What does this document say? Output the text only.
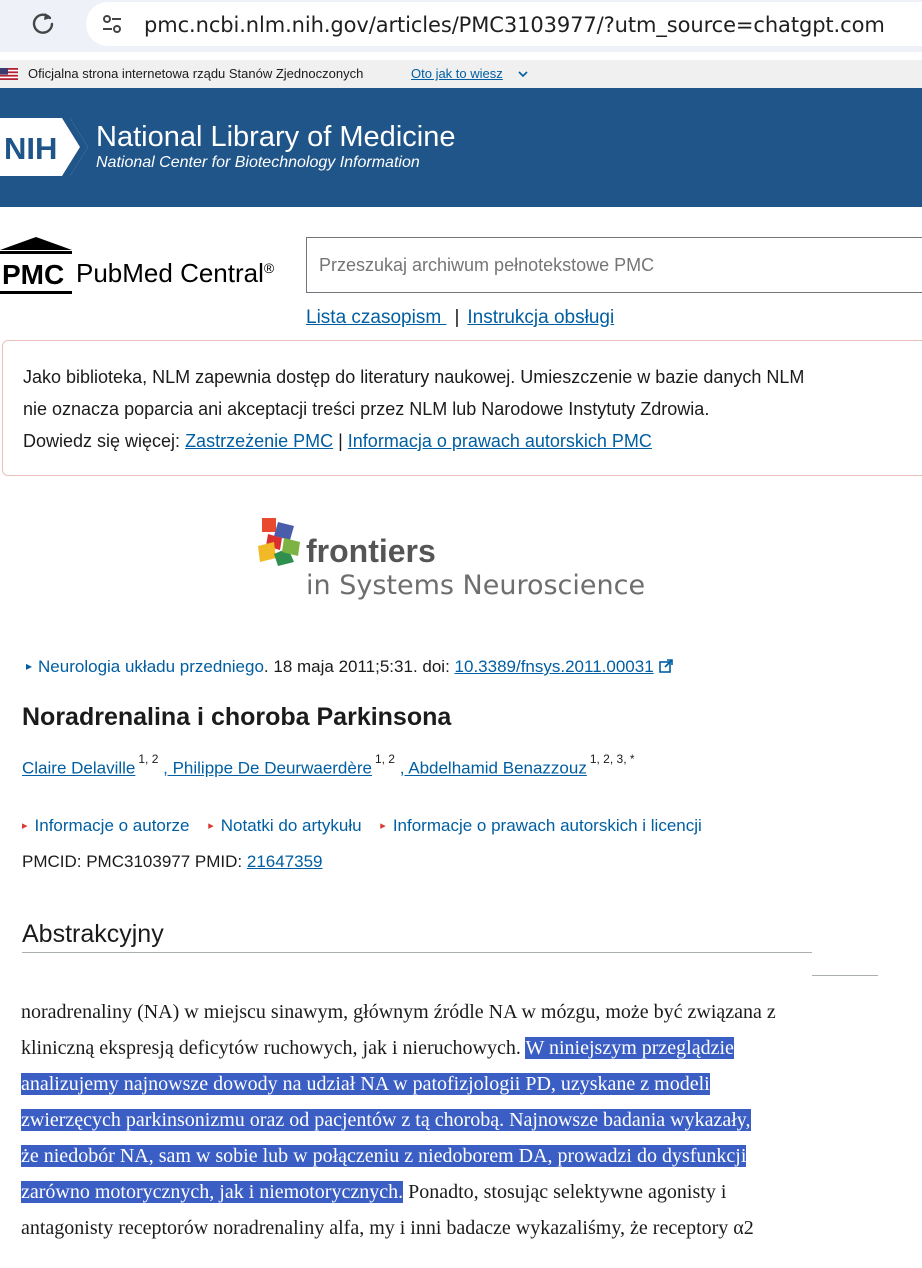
pmc.ncbi.nlm.nih.gov/articles/PMC3103977/?utm_source=chatgpt.com
Oficjalna strona internetowa rządu Stanów Zjednoczonych	Oto jak to wiesz
NIH National Library of Medicine
National Center for Biotechnology Information
PMC PubMed Central®
Przeszukaj archiwum pełnotekstowe PMC
Lista czasopism | Instrukcja obsługi
Jako biblioteka, NLM zapewnia dostęp do literatury naukowej. Umieszczenie w bazie danych NLM
nie oznacza poparcia ani akceptacji treści przez NLM lub Narodowe Instytuty Zdrowia.
Dowiedz się więcej: Zastrzeżenie PMC | Informacja o prawach autorskich PMC
frontiers
in Systems Neuroscience
▸ Neurologia układu przedniego. 18 maja 2011;5:31. doi: 10.3389/fnsys.2011.00031
Noradrenalina i choroba Parkinsona
Claire Delaville $^{1, 2}$ , Philippe De Deurwaerdère $^{1, 2}$ , Abdelhamid Benazzouz $^{1, 2, 3, *}$
▸ Informacje o autorze ▸ Notatki do artykułu ▸ Informacje o prawach autorskich i licencji
PMCID: PMC3103977 PMID: 21647359
Abstrakcyjny
noradrenaliny (NA) w miejscu sinawym, głównym źródle NA w mózgu, może być związana z
kliniczną ekspresją deficytów ruchowych, jak i nieruchowych. W niniejszym przeglądzie
analizujemy najnowsze dowody na udział NA w patofizjologii PD, uzyskane z modeli
zwierzęcych parkinsonizmu oraz od pacjentów z tą chorobą. Najnowsze badania wykazały,
że niedobór NA, sam w sobie lub w połączeniu z niedoborem DA, prowadzi do dysfunkcji
zarówno motorycznych, jak i niemotorycznych. Ponadto, stosując selektywne agonisty i
antagonisty receptorów noradrenaliny alfa, my i inni badacze wykazaliśmy, że receptory α2
